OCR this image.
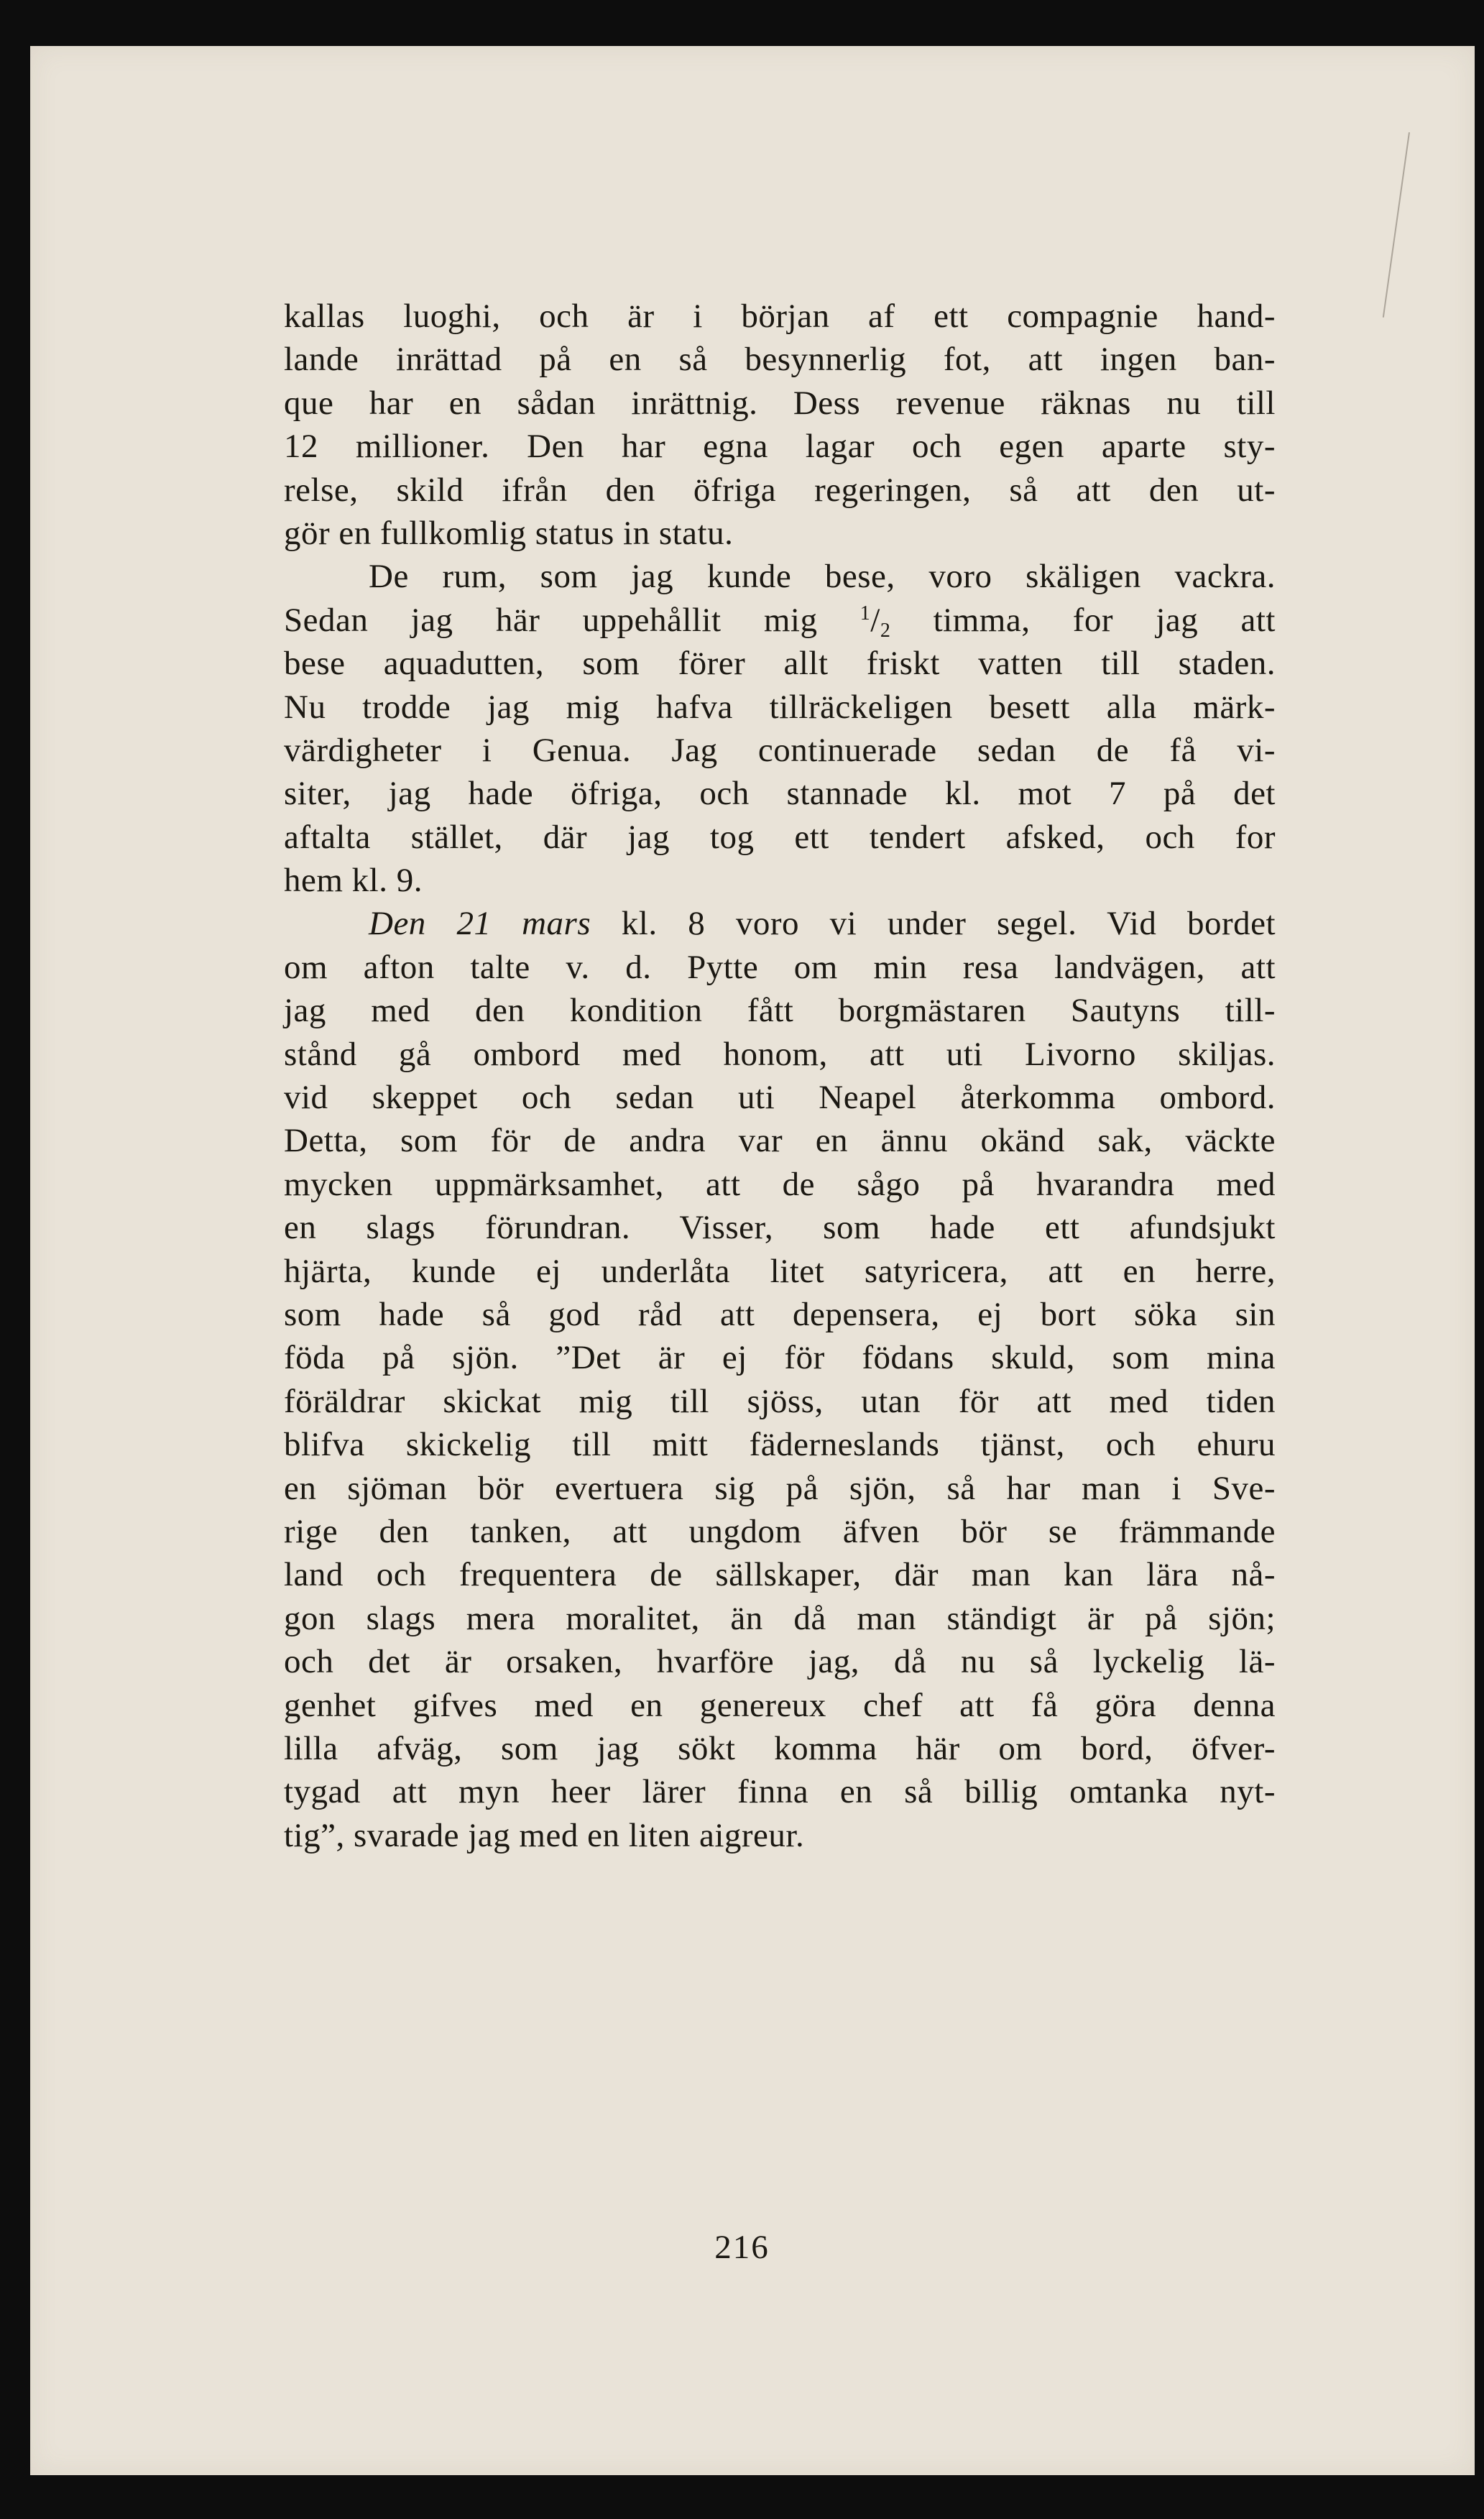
kallas luoghi, och är i början af ett compagnie hand-
lande inrättad på en så besynnerlig fot, att ingen ban-
que har en sådan inrättnig. Dess revenue räknas nu till
12 millioner. Den har egna lagar och egen aparte sty-
relse, skild ifrån den öfriga regeringen, så att den ut-
gör en fullkomlig status in statu.
De rum, som jag kunde bese, voro skäligen vackra.
Sedan jag här uppehållit mig $^1/_2$ timma, for jag att
bese aquadutten, som förer allt friskt vatten till staden.
Nu trodde jag mig hafva tillräckeligen besett alla märk-
värdigheter i Genua. Jag continuerade sedan de få vi-
siter, jag hade öfriga, och stannade kl. mot 7 på det
aftalta stället, där jag tog ett tendert afsked, och for
hem kl. 9.
Den 21 mars kl. 8 voro vi under segel. Vid bordet
om afton talte v. d. Pytte om min resa landvägen, att
jag med den kondition fått borgmästaren Sautyns till-
stånd gå ombord med honom, att uti Livorno skiljas.
vid skeppet och sedan uti Neapel återkomma ombord.
Detta, som för de andra var en ännu okänd sak, väckte
mycken uppmärksamhet, att de sågo på hvarandra med
en slags förundran. Visser, som hade ett afundsjukt
hjärta, kunde ej underlåta litet satyricera, att en herre,
som hade så god råd att depensera, ej bort söka sin
föda på sjön. ”Det är ej för födans skuld, som mina
föräldrar skickat mig till sjöss, utan för att med tiden
blifva skickelig till mitt fäderneslands tjänst, och ehuru
en sjöman bör evertuera sig på sjön, så har man i Sve-
rige den tanken, att ungdom äfven bör se främmande
land och frequentera de sällskaper, där man kan lära nå-
gon slags mera moralitet, än då man ständigt är på sjön;
och det är orsaken, hvarföre jag, då nu så lyckelig lä-
genhet gifves med en genereux chef att få göra denna
lilla afväg, som jag sökt komma här om bord, öfver-
tygad att myn heer lärer finna en så billig omtanka nyt-
tig”, svarade jag med en liten aigreur.
216
